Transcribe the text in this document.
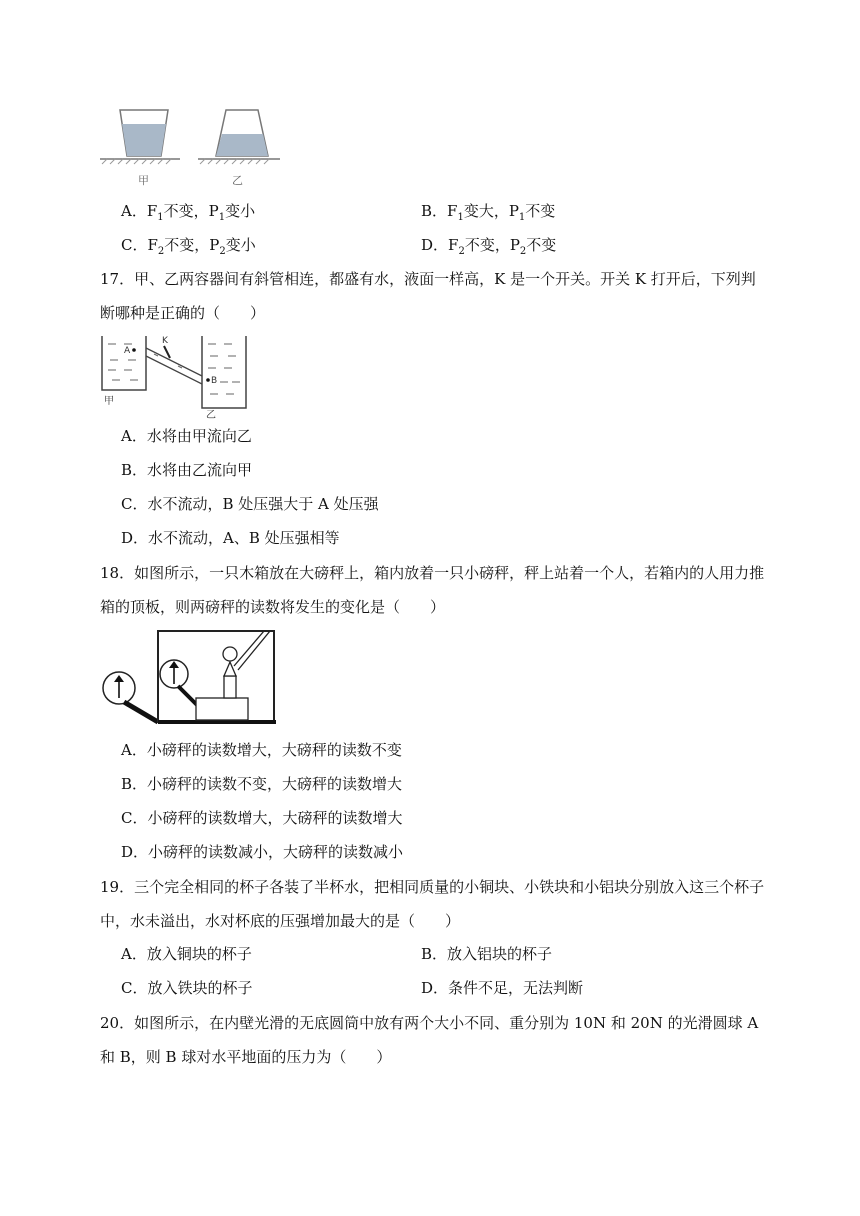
甲	乙
A．$F_1$不变，$P_1$变小	B．$F_1$变大，$P_1$不变
C．$F_2$不变，$P_2$变小	D．$F_2$不变，$P_2$不变
17．甲、乙两容器间有斜管相连，都盛有水，液面一样高，K 是一个开关。开关 K 打开后，下列判断哪种是正确的（　　）
K
A
B
甲
乙
A．水将由甲流向乙
B．水将由乙流向甲
C．水不流动，B 处压强大于 A 处压强
D．水不流动，A、B 处压强相等
18．如图所示，一只木箱放在大磅秤上，箱内放着一只小磅秤，秤上站着一个人，若箱内的人用力推箱的顶板，则两磅秤的读数将发生的变化是（　　）
A．小磅秤的读数增大，大磅秤的读数不变
B．小磅秤的读数不变，大磅秤的读数增大
C．小磅秤的读数增大，大磅秤的读数增大
D．小磅秤的读数减小，大磅秤的读数减小
19．三个完全相同的杯子各装了半杯水，把相同质量的小铜块、小铁块和小铝块分别放入这三个杯子中，水未溢出，水对杯底的压强增加最大的是（　　）
A．放入铜块的杯子	B．放入铝块的杯子
C．放入铁块的杯子	D．条件不足，无法判断
20．如图所示，在内壁光滑的无底圆筒中放有两个大小不同、重分别为 10N 和 20N 的光滑圆球 A 和 B，则 B 球对水平地面的压力为（　　）
